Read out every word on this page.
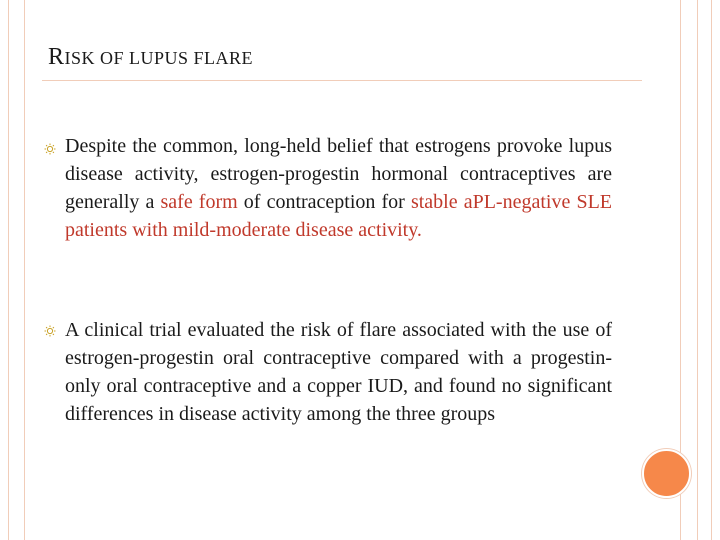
RISK OF LUPUS FLARE
Despite the common, long-held belief that estrogens provoke lupus disease activity, estrogen-progestin hormonal contraceptives are generally a safe form of contraception for stable aPL-negative SLE patients with mild-moderate disease activity.
A clinical trial evaluated the risk of flare associated with the use of estrogen-progestin oral contraceptive compared with a progestin-only oral contraceptive and a copper IUD, and found no significant differences in disease activity among the three groups
